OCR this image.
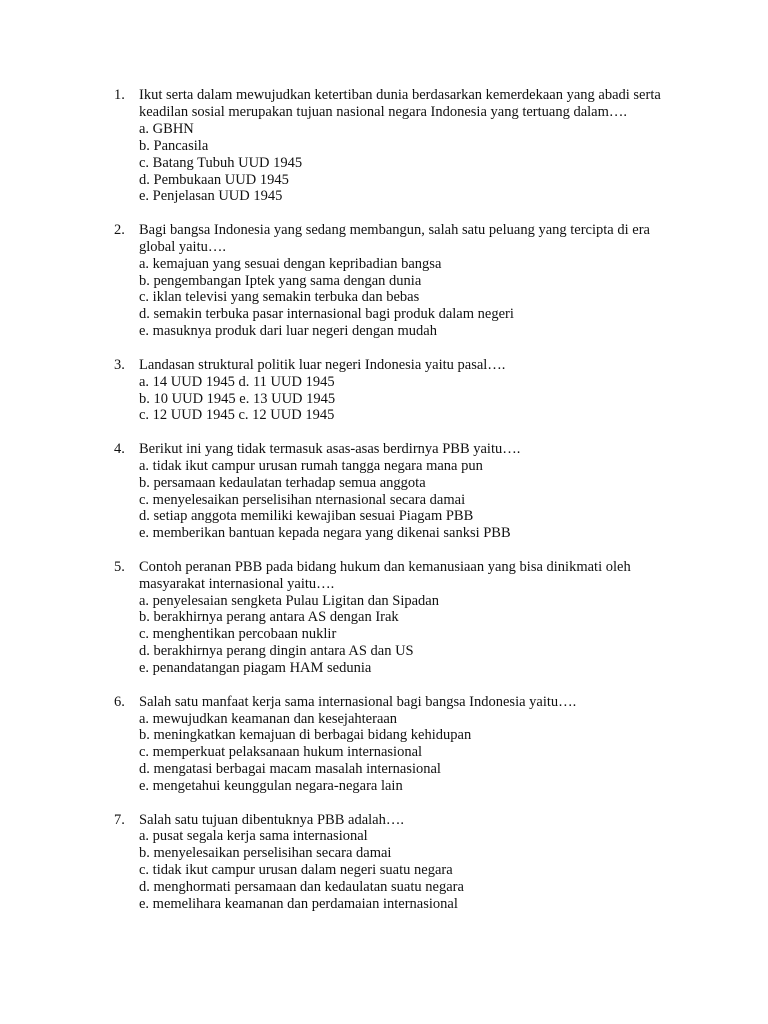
1. Ikut serta dalam mewujudkan ketertiban dunia berdasarkan kemerdekaan yang abadi serta keadilan sosial merupakan tujuan nasional negara Indonesia yang tertuang dalam….
a. GBHN
b. Pancasila
c. Batang Tubuh UUD 1945
d. Pembukaan UUD 1945
e. Penjelasan UUD 1945
2. Bagi bangsa Indonesia yang sedang membangun, salah satu peluang yang tercipta di era global yaitu….
a. kemajuan yang sesuai dengan kepribadian bangsa
b. pengembangan Iptek yang sama dengan dunia
c. iklan televisi yang semakin terbuka dan bebas
d. semakin terbuka pasar internasional bagi produk dalam negeri
e. masuknya produk dari luar negeri dengan mudah
3. Landasan struktural politik luar negeri Indonesia yaitu pasal….
a. 14 UUD 1945 d. 11 UUD 1945
b. 10 UUD 1945 e. 13 UUD 1945
c. 12 UUD 1945 c. 12 UUD 1945
4. Berikut ini yang tidak termasuk asas-asas berdirnya PBB yaitu….
a. tidak ikut campur urusan rumah tangga negara mana pun
b. persamaan kedaulatan terhadap semua anggota
c. menyelesaikan perselisihan nternasional secara damai
d. setiap anggota memiliki kewajiban sesuai Piagam PBB
e. memberikan bantuan kepada negara yang dikenai sanksi PBB
5. Contoh peranan PBB pada bidang hukum dan kemanusiaan yang bisa dinikmati oleh masyarakat internasional yaitu….
a. penyelesaian sengketa Pulau Ligitan dan Sipadan
b. berakhirnya perang antara AS dengan Irak
c. menghentikan percobaan nuklir
d. berakhirnya perang dingin antara AS dan US
e. penandatangan piagam HAM sedunia
6. Salah satu manfaat kerja sama internasional bagi bangsa Indonesia yaitu….
a. mewujudkan keamanan dan kesejahteraan
b. meningkatkan kemajuan di berbagai bidang kehidupan
c. memperkuat pelaksanaan hukum internasional
d. mengatasi berbagai macam masalah internasional
e. mengetahui keunggulan negara-negara lain
7. Salah satu tujuan dibentuknya PBB adalah….
a. pusat segala kerja sama internasional
b. menyelesaikan perselisihan secara damai
c. tidak ikut campur urusan dalam negeri suatu negara
d. menghormati persamaan dan kedaulatan suatu negara
e. memelihara keamanan dan perdamaian internasional
